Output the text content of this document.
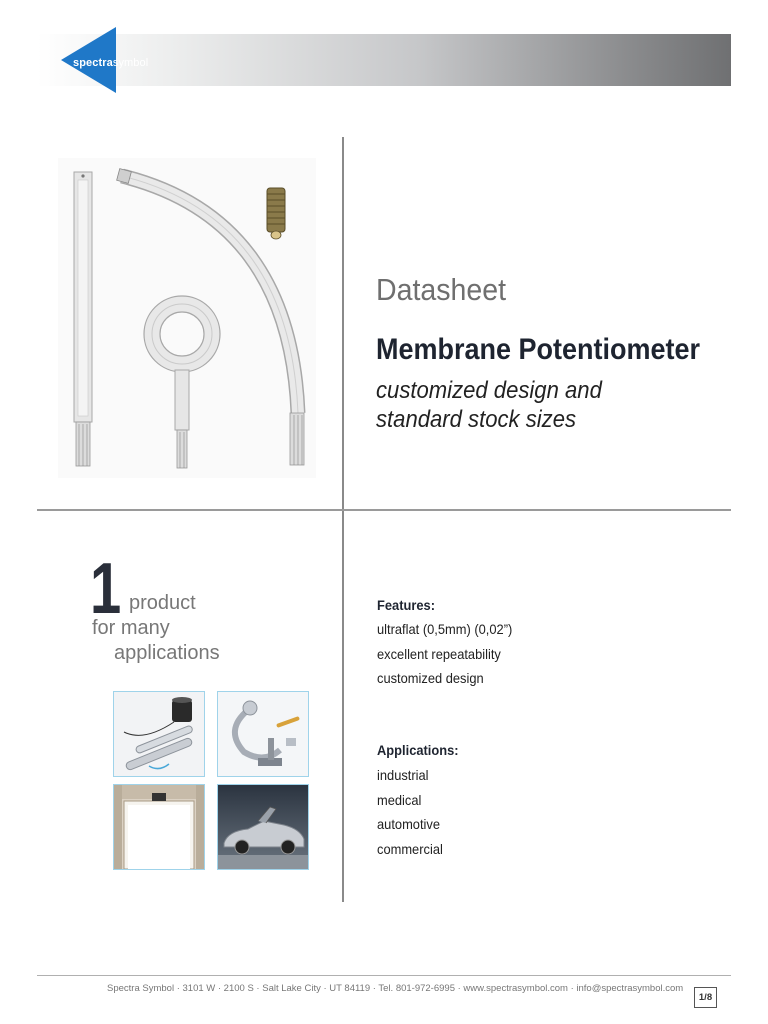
spectrasymbol
Datasheet
Membrane Potentiometer
customized design and
standard stock sizes
1 product
for many
applications
Features:
ultraflat (0,5mm) (0,02”)
excellent repeatability
customized design
Applications:
industrial
medical
automotive
commercial
Spectra Symbol · 3101 W · 2100 S · Salt Lake City · UT 84119 · Tel. 801-972-6995 · www.spectrasymbol.com · info@spectrasymbol.com
1/8
